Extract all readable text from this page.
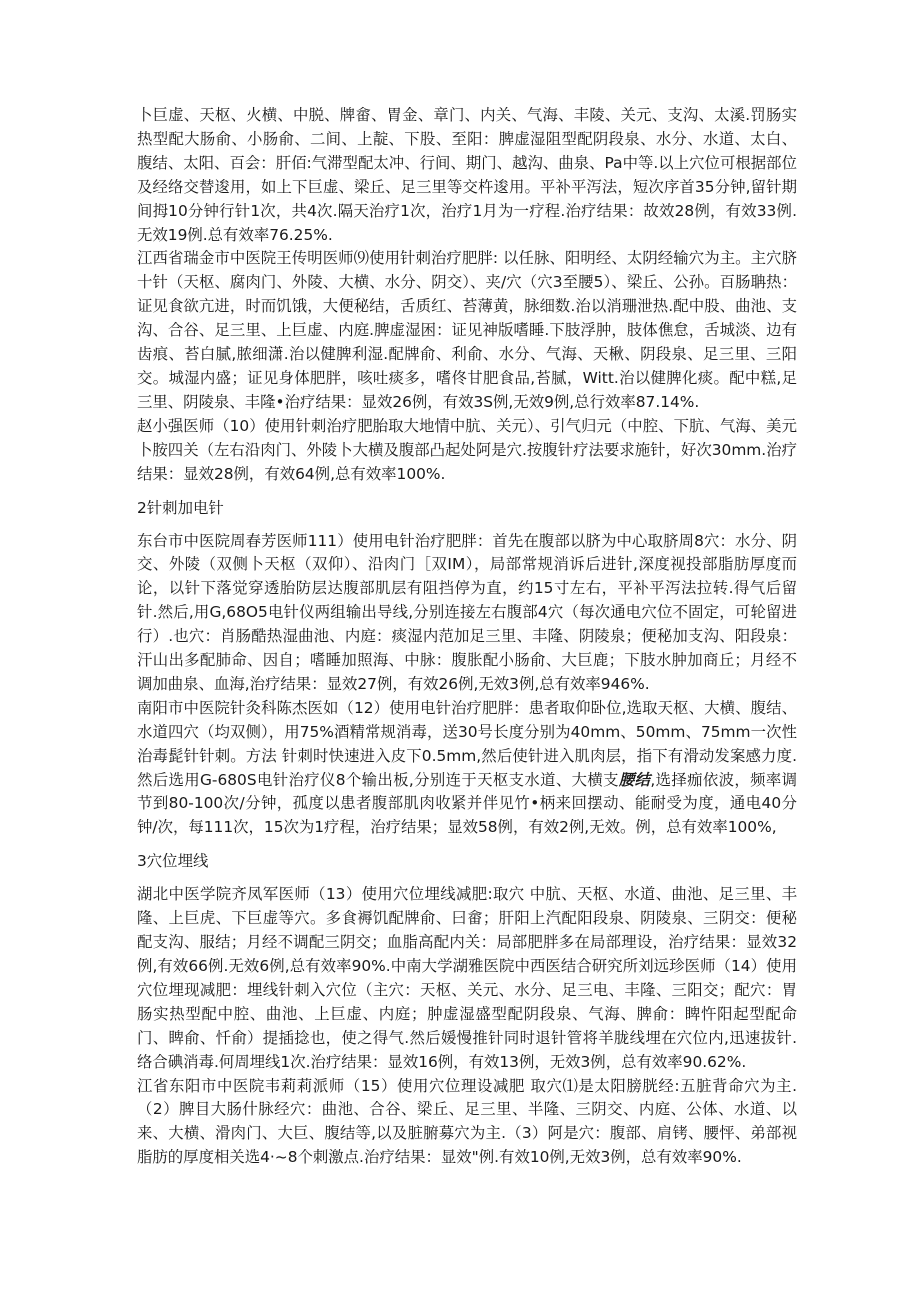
卜巨虚、天枢、火横、中脱、牌畲、胃金、章门、内关、气海、丰陵、关元、支沟、太溪.罚肠实热型配大肠俞、小肠俞、二间、上靛、下股、至阳：脾虚湿阻型配阴段泉、水分、水道、太白、腹结、太阳、百会：肝佰:气滞型配太冲、行间、期门、越沟、曲泉、Pa中等.以上穴位可根据部位及经络交替逡用，如上下巨虚、梁丘、足三里等交杵逡用。平补平泻法，短次序首35分钟,留针期间拇10分钟行针1次，共4次.隔天治疗1次，治疗1月为一疗程.治疗结果：故效28例，有效33例.无效19例.总有效率76.25%.

江西省瑞金市中医院王传明医师⑼使用针刺治疗肥胖: 以任脉、阳明经、太阴经输穴为主。主穴脐十针（天枢、腐肉门、外陵、大横、水分、阴交）、夹/穴（穴3至腰5）、梁丘、公孙。百肠聃热：证见食欲亢进，时而饥饿，大便秘结，舌质红、苔薄黄，脉细数.治以消珊泄热.配中股、曲池、支沟、合谷、足三里、上巨虚、内庭.脾虚湿困：证见神版嗜睡.下肢浮肿，肢体僬怠，舌城淡、边有齿痕、苔白腻,脓细潇.治以健脾利湿.配牌俞、利俞、水分、气海、天楸、阴段泉、足三里、三阳交。城湿内盛；证见身体肥胖，咳吐痰多，嗜佟甘肥食品,苔腻，Witt.治以健脾化痰。配中糕,足三里、阴陵泉、丰隆•治疗结果：显效26例，有效3S例,无效9例,总行效率87.14%.

赵小强医师（10）使用针刺治疗肥胎取大地情中肮、关元）、引气归元（中腔、下肮、气海、美元卜胺四关（左右沿肉门、外陵卜大横及腹部凸起处阿是穴.按腹针疗法要求施针，好次30mm.治疗结果：显效28例，有效64例,总有效率100%.

2针刺加电针

东台市中医院周春芳医师111）使用电针治疗肥胖：首先在腹部以脐为中心取脐周8穴：水分、阴交、外陵（双侧卜天枢（双仰）、沿肉门［双IM），局部常规消诉后进针,深度视投部脂肪厚度而论，以针下落觉穿透胎防层达腹部肌层有阻挡停为直，约15寸左右，平补平泻法拉转.得气后留针.然后,用G,68O5电针仪两组输出导线,分别连接左右腹部4穴（每次通电穴位不固定，可轮留进行）.也穴：肖肠酷热湿曲池、内庭：痰湿内范加足三里、丰隆、阴陵泉；便秘加支沟、阳段泉：汗山出多配肺命、因自；嗜睡加照海、中脉：腹胀配小肠俞、大巨鹿；下肢水肿加商丘；月经不调加曲泉、血海,治疗结果：显效27例，有效26例,无效3例,总有效率946%.

南阳市中医院针灸科陈杰医如（12）使用电针治疗肥胖：患者取仰卧位,选取天枢、大横、腹结、水道四穴（均双侧），用75%酒精常规消毒，送30号长度分别为40mm、50mm、75mm一次性治毒髭针针刺。方法 针刺时快速进入皮下0.5mm,然后使针进入肌肉层，指下有滑动发案感力度.然后选用G-680S电针治疗仪8个输出板,分别连于天枢支水道、大横支腰结,选择痂依波，频率调节到80-100次/分钟，孤度以患者腹部肌肉收紧并伴见竹•柄来回摆动、能耐受为度，通电40分钟/次，每111次，15次为1疗程，治疗结果；显效58例，有效2例,无效。例，总有效率100%,

3穴位埋线

湖北中医学院齐凤军医师（13）使用穴位埋线减肥:取穴 中肮、天枢、水道、曲池、足三里、丰隆、上巨虎、下巨虚等穴。多食褥饥配牌俞、曰畲；肝阳上汽配阳段泉、阴陵泉、三阴交：便秘配支沟、服结；月经不调配三阴交；血脂高配内关：局部肥胖多在局部理设，治疗结果：显效32例,有效66例.无效6例,总有效率90%.中南大学湖雅医院中西医结合研究所刘远珍医师（14）使用穴位埋现减肥：埋线针刺入穴位（主穴：天枢、关元、水分、足三电、丰隆、三阳交；配穴：胃肠实热型配中腔、曲池、上巨虚、内庭；肿虚湿盛型配阴段泉、气海、脾俞：睥忤阳起型配命门、睥俞、忏俞）提插捻也，使之得气.然后媛慢推针同时退针管将羊胧线埋在穴位内,迅速拔针.络合碘消毒.何周埋线1次.治疗结果：显效16例，有效13例，无效3例，总有效率90.62%.

江省东阳市中医院韦莉莉派师（15）使用穴位理设减肥 取穴⑴是太阳膀胱经:五脏背命穴为主.（2）脾目大肠什脉经穴：曲池、合谷、梁丘、足三里、半隆、三阴交、内庭、公体、水道、以来、大横、滑肉门、大巨、腹结等,以及脏腑募穴为主.（3）阿是穴：腹部、肩铐、腰怦、弟部视脂肪的厚度相关选4·~8个刺激点.治疗结果：显效"例.有效10例,无效3例，总有效率90%.
